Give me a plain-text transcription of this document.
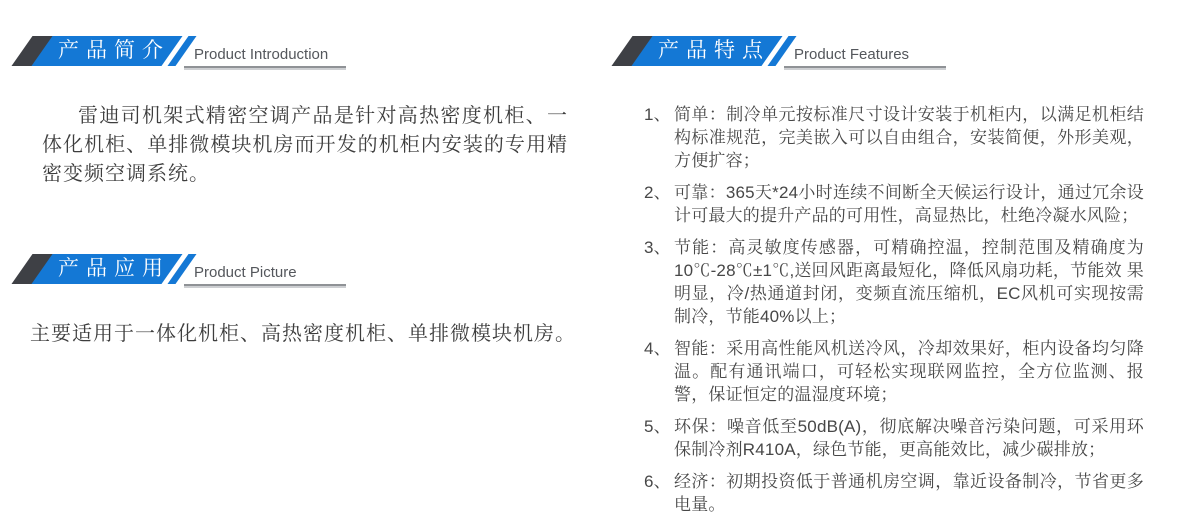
产品简介	Product Introduction

雷迪司机架式精密空调产品是针对高热密度机柜、一体化机柜、单排微模块机房而开发的机柜内安装的专用精密变频空调系统。

产品应用	Product Picture

主要适用于一体化机柜、高热密度机柜、单排微模块机房。

产品特点	Product Features
1、 简单：制冷单元按标准尺寸设计安装于机柜内，以满足机柜结构标准规范，完美嵌入可以自由组合，安装简便，外形美观，方便扩容；
2、 可靠：365天*24小时连续不间断全天候运行设计，通过冗余设计可最大的提升产品的可用性，高显热比，杜绝冷凝水风险；
3、 节能：高灵敏度传感器，可精确控温，控制范围及精确度为10℃-28℃±1℃,送回风距离最短化，降低风扇功耗，节能效 果明显，冷/热通道封闭，变频直流压缩机，EC风机可实现按需制冷，节能40%以上；
4、 智能：采用高性能风机送冷风，冷却效果好，柜内设备均匀降温。配有通讯端口，可轻松实现联网监控，全方位监测、报 警，保证恒定的温湿度环境；
5、 环保：噪音低至50dB(A)，彻底解决噪音污染问题，可采用环保制冷剂R410A，绿色节能，更高能效比，减少碳排放；
6、 经济：初期投资低于普通机房空调，靠近设备制冷，节省更多电量。
